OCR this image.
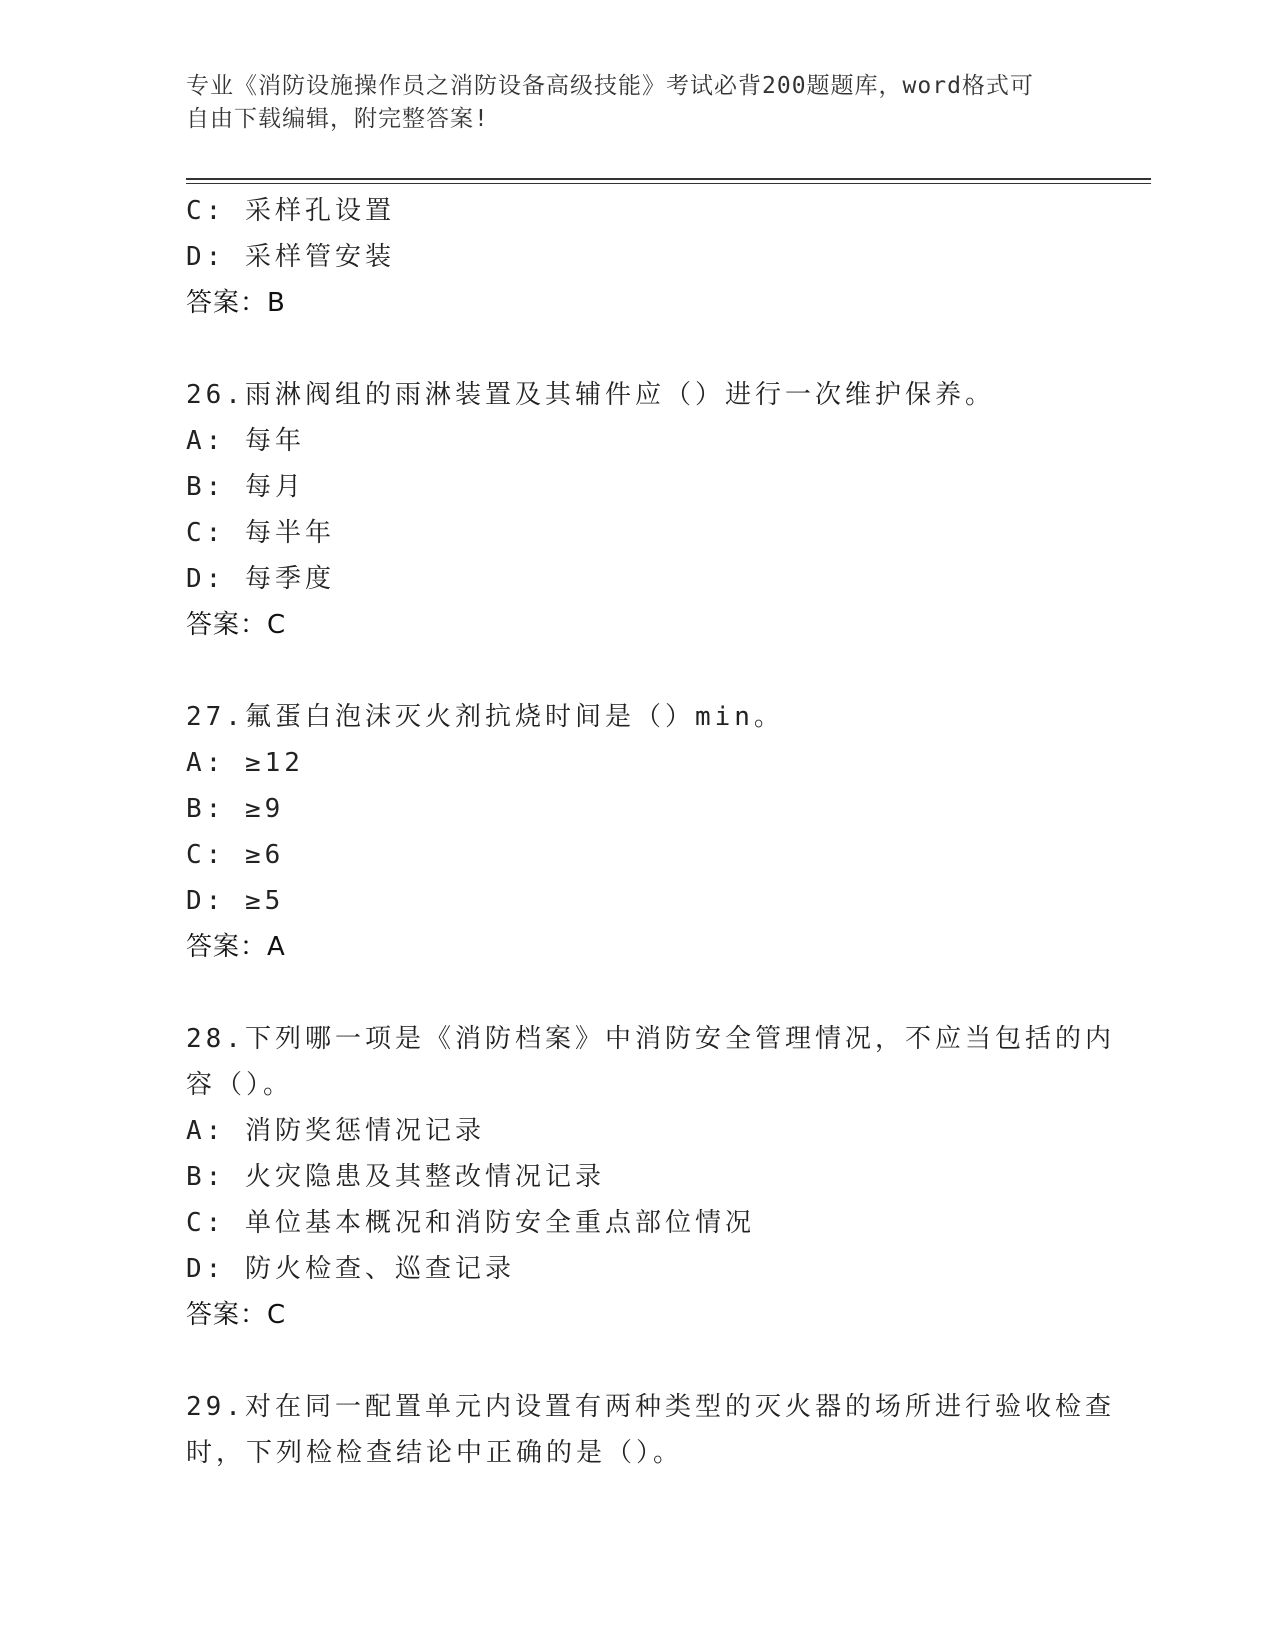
专业《消防设施操作员之消防设备高级技能》考试必背200题题库，word格式可
自由下载编辑，附完整答案!
C: 采样孔设置
D: 采样管安装
答案：B
26.雨淋阀组的雨淋装置及其辅件应（）进行一次维护保养。
A: 每年
B: 每月
C: 每半年
D: 每季度
答案：C
27.氟蛋白泡沫灭火剂抗烧时间是（）min。
A: ≥12
B: ≥9
C: ≥6
D: ≥5
答案：A
28.下列哪一项是《消防档案》中消防安全管理情况，不应当包括的内
容（）。
A: 消防奖惩情况记录
B: 火灾隐患及其整改情况记录
C: 单位基本概况和消防安全重点部位情况
D: 防火检查、巡查记录
答案：C
29.对在同一配置单元内设置有两种类型的灭火器的场所进行验收检查
时，下列检检查结论中正确的是（）。
